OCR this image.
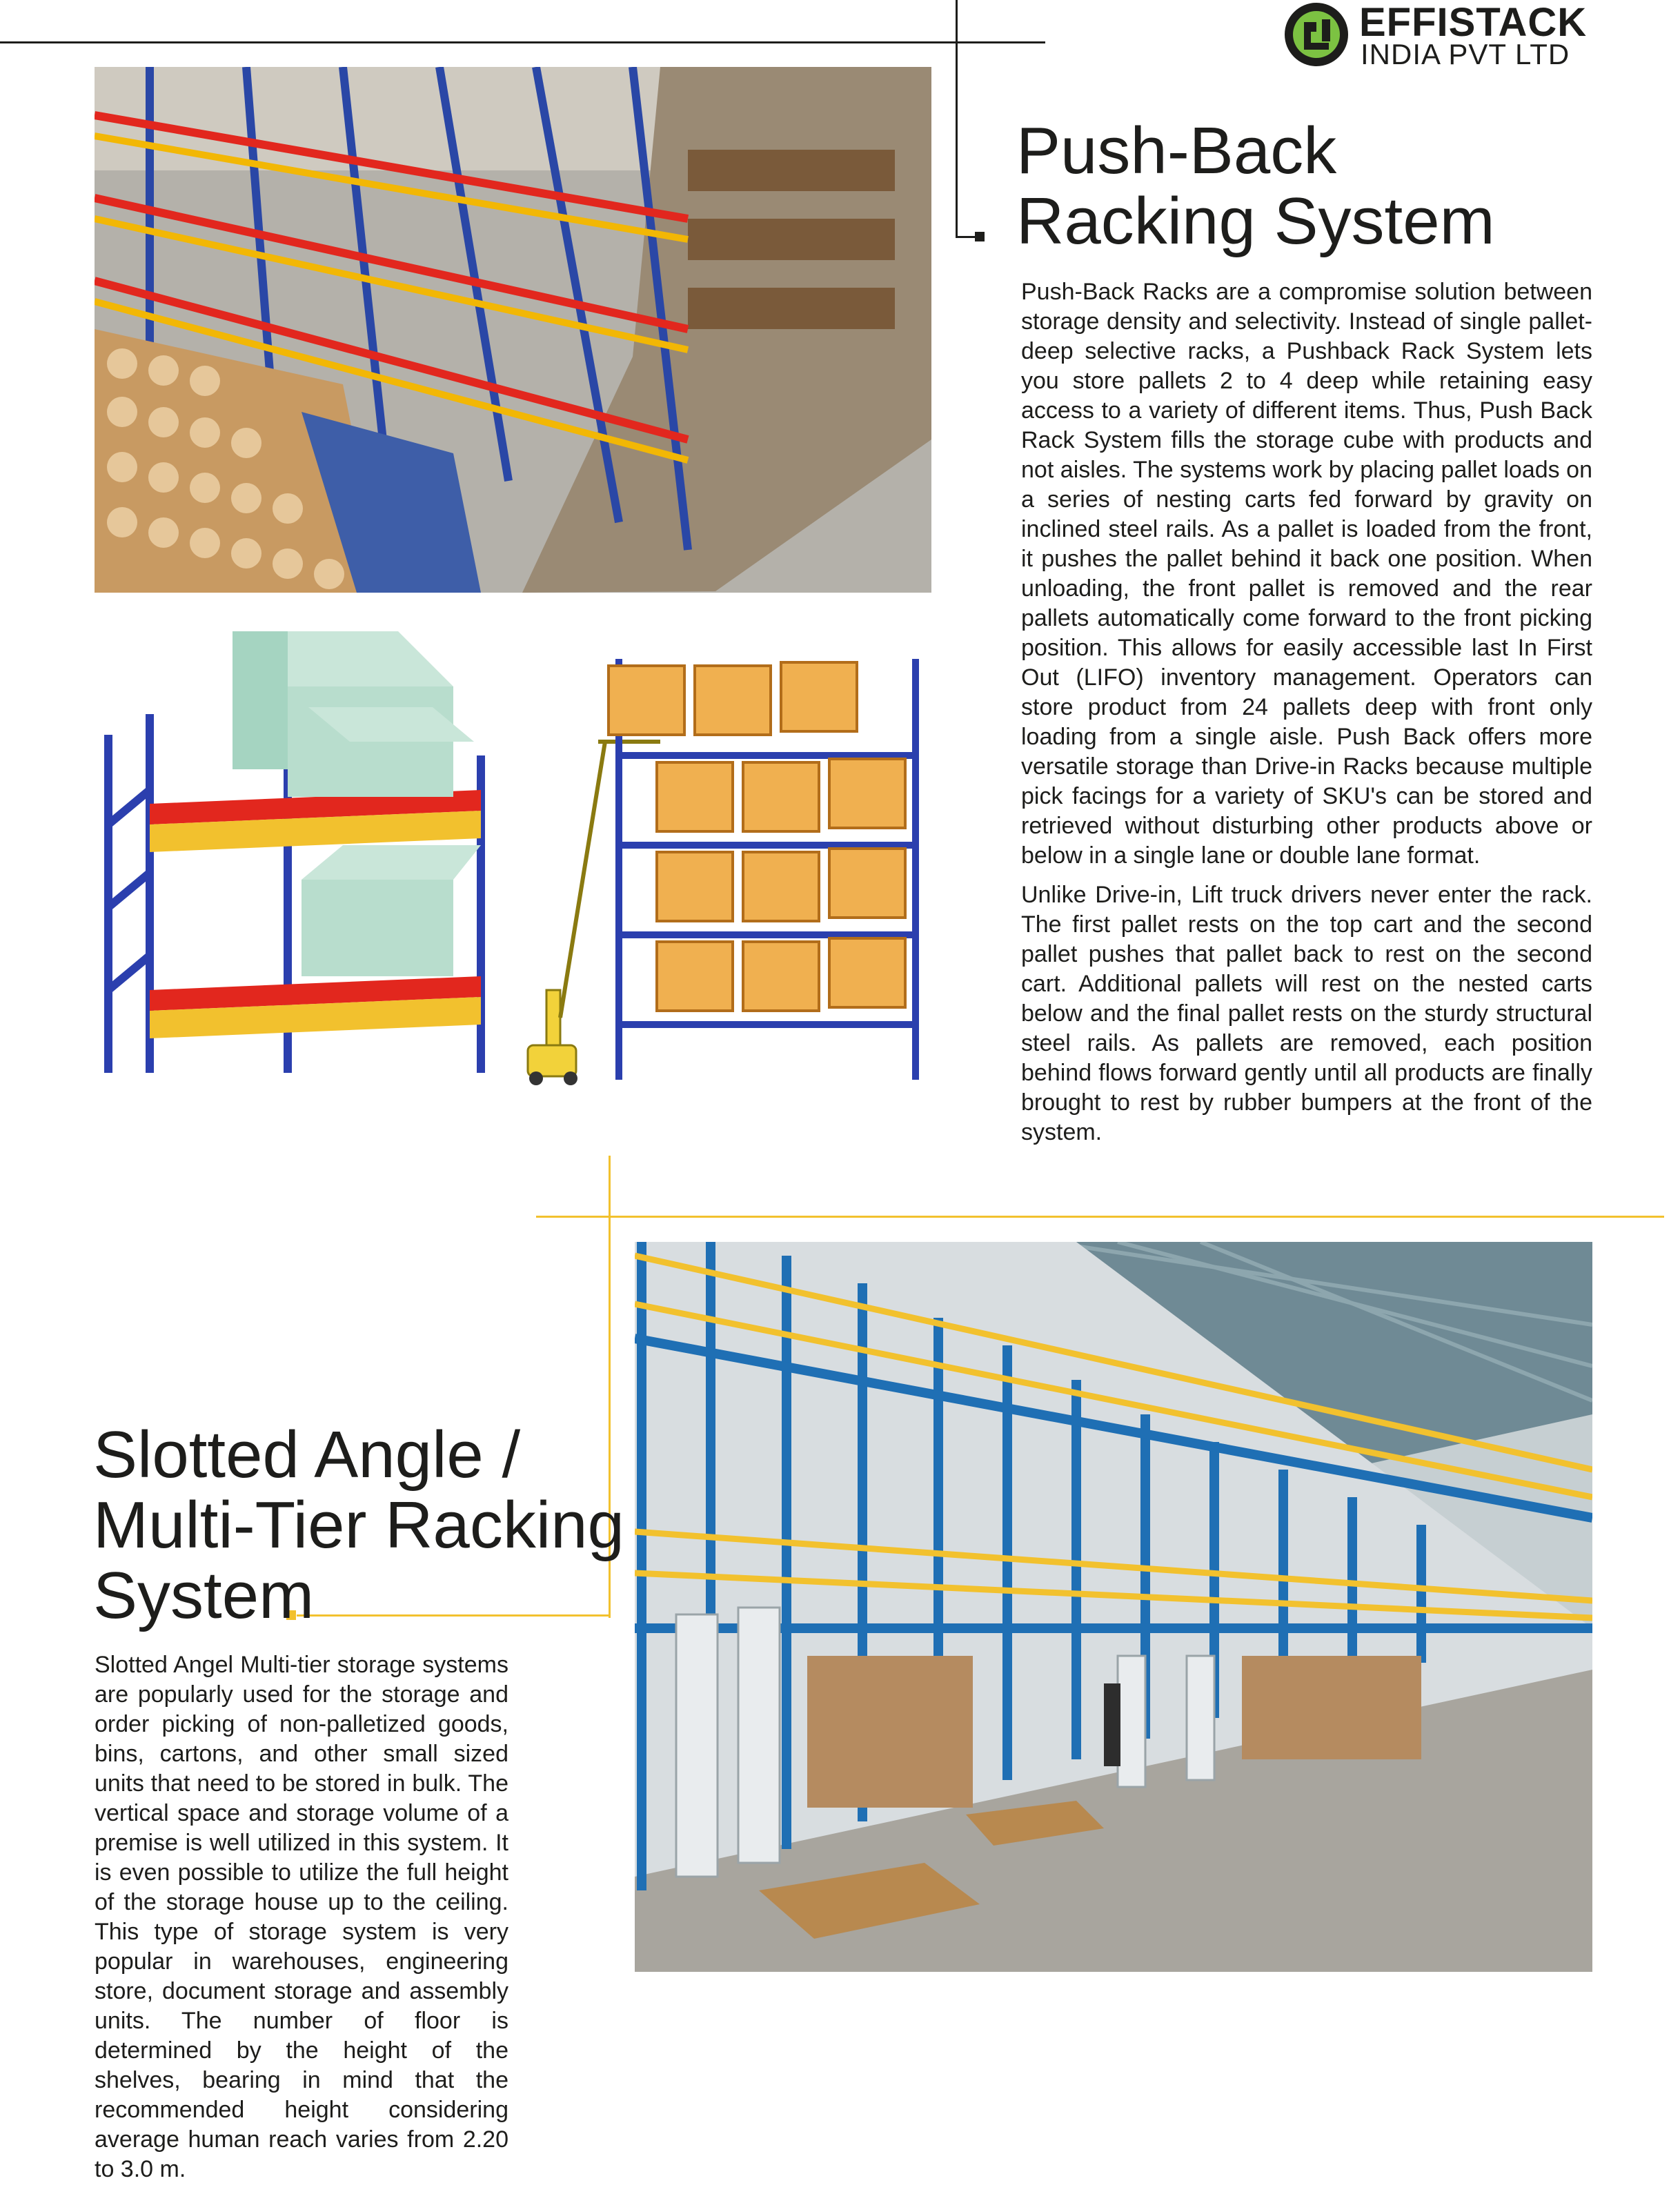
EFFISTACK
INDIA PVT LTD
Push-Back
Racking System

Push-Back Racks are a compromise solution between storage density and selectivity. Instead of single pallet-deep selective racks, a Pushback Rack System lets you store pallets 2 to 4 deep while retaining easy access to a variety of different items. Thus, Push Back Rack System fills the storage cube with products and not aisles. The systems work by placing pallet loads on a series of nesting carts fed forward by gravity on inclined steel rails. As a pallet is loaded from the front, it pushes the pallet behind it back one position. When unloading, the front pallet is removed and the rear pallets automatically come forward to the front picking position. This allows for easily accessible last In First Out (LIFO) inventory management. Operators can store product from 24 pallets deep with front only loading from a single aisle. Push Back offers more versatile storage than Drive-in Racks because multiple pick facings for a variety of SKU's can be stored and retrieved without disturbing other products above or below in a single lane or double lane format.

Unlike Drive-in, Lift truck drivers never enter the rack. The first pallet rests on the top cart and the second pallet pushes that pallet back to rest on the second cart. Additional pallets will rest on the nested carts below and the final pallet rests on the sturdy structural steel rails. As pallets are removed, each position behind flows forward gently until all products are finally brought to rest by rubber bumpers at the front of the system.

Slotted Angle /
Multi-Tier Racking
System

Slotted Angel Multi-tier storage systems are popularly used for the storage and order picking of non-palletized goods, bins, cartons, and other small sized units that need to be stored in bulk. The vertical space and storage volume of a premise is well utilized in this system. It is even possible to utilize the full height of the storage house up to the ceiling. This type of storage system is very popular in warehouses, engineering store, document storage and assembly units. The number of floor is determined by the height of the shelves, bearing in mind that the recommended height considering average human reach varies from 2.20 to 3.0 m.
